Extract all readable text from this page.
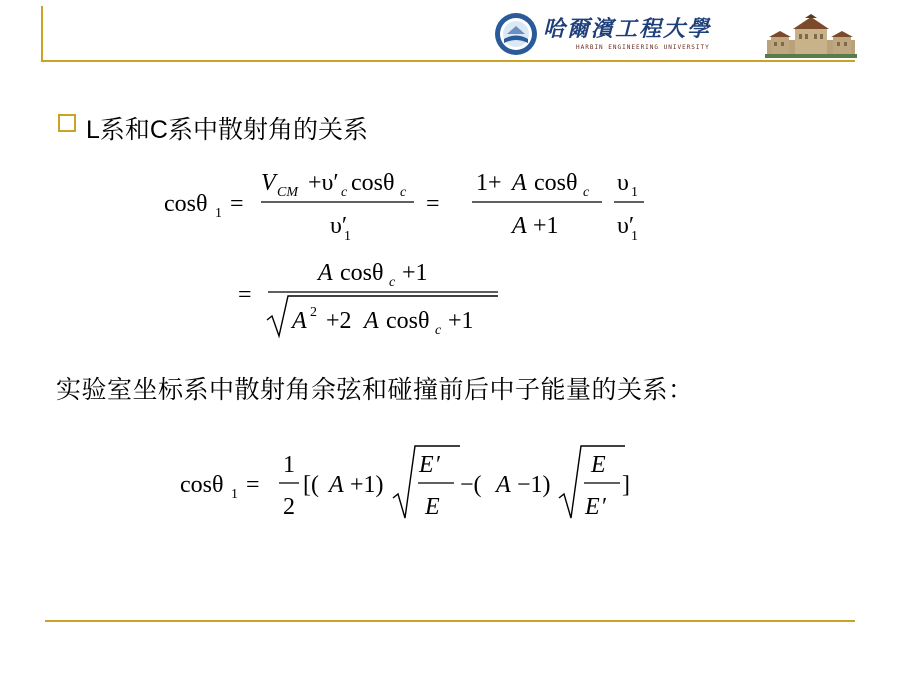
哈爾濱工程大學
HARBIN ENGINEERING UNIVERSITY
L系和C系中散射角的关系
cosθ 1 =
V CM +υ′ c cosθ c
υ′
1
=
1+ A cosθ c
A +1
υ 1
υ′
1
=
A cosθ c +1
A 2 +2 A cosθ c +1
实验室坐标系中散射角余弦和碰撞前后中子能量的关系：
cosθ 1 =
1
2
[( A +1)
E ′
E
−( A −1)
E
E ′
]
